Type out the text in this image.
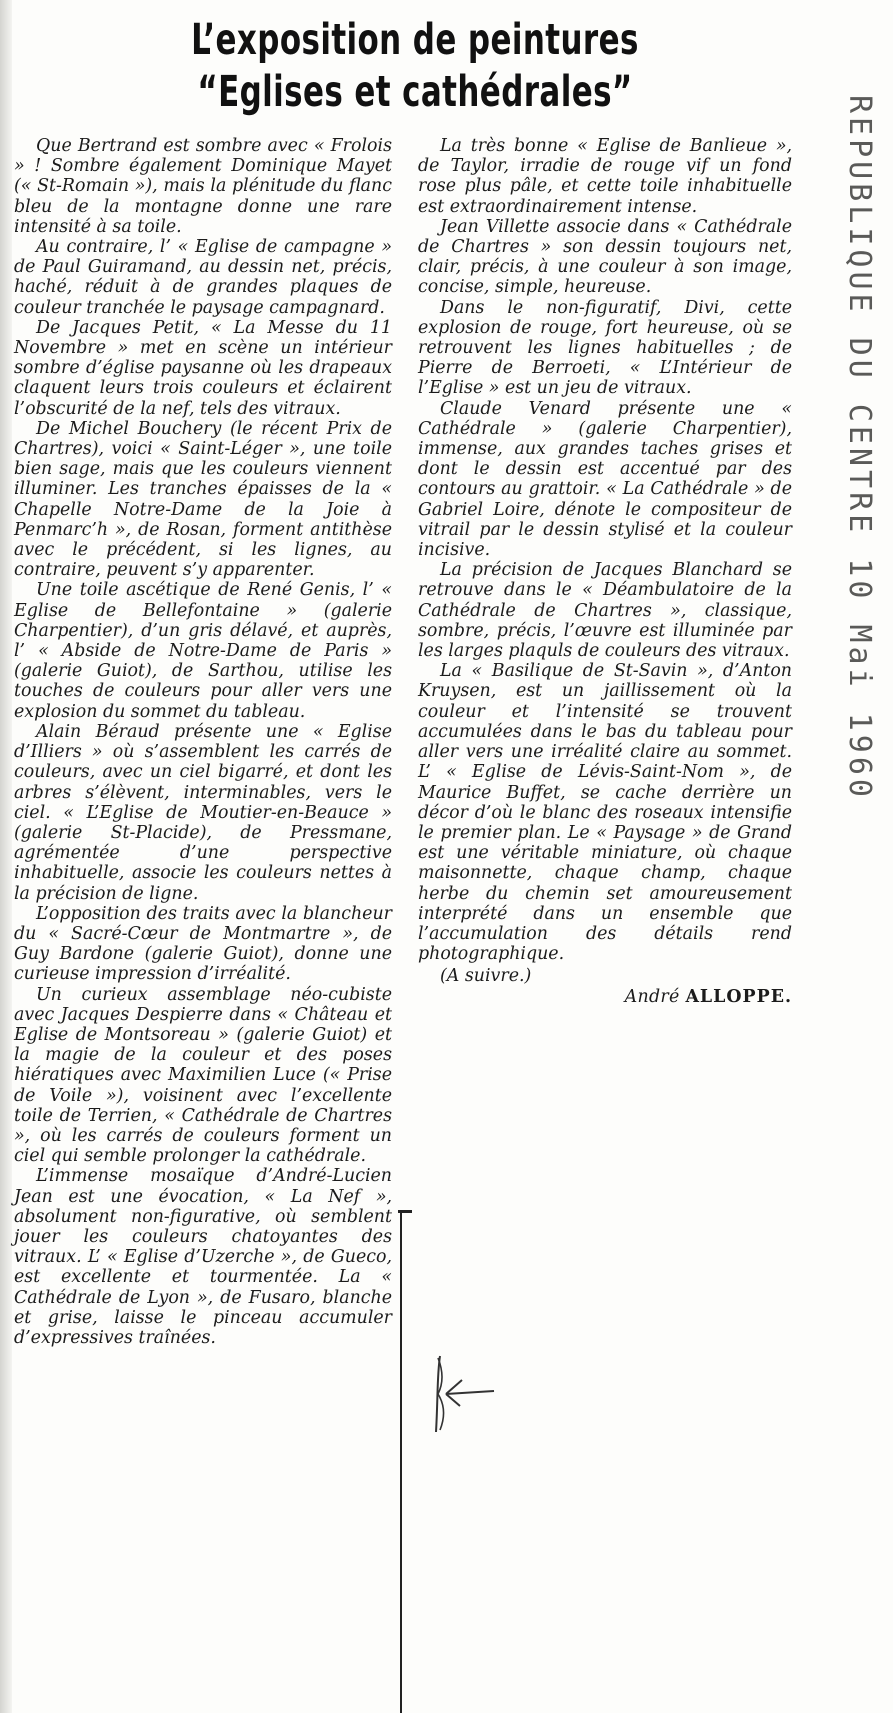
L’exposition de peintures
“Eglises et cathédrales”

Que Bertrand est sombre avec « Frolois » ! Sombre également Dominique Mayet (« St-Romain »), mais la plénitude du flanc bleu de la montagne donne une rare intensité à sa toile.

Au contraire, l’ « Eglise de campagne » de Paul Guiramand, au dessin net, précis, haché, réduit à de grandes plaques de couleur tranchée le paysage campagnard.

De Jacques Petit, « La Messe du 11 Novembre » met en scène un intérieur sombre d’église paysanne où les drapeaux claquent leurs trois couleurs et éclairent l’obscurité de la nef, tels des vitraux.

De Michel Bouchery (le récent Prix de Chartres), voici « Saint-Léger », une toile bien sage, mais que les couleurs viennent illuminer. Les tranches épaisses de la « Chapelle Notre-Dame de la Joie à Penmarc’h », de Rosan, forment antithèse avec le précédent, si les lignes, au contraire, peuvent s’y apparenter.

Une toile ascétique de René Genis, l’ « Eglise de Bellefontaine » (galerie Charpentier), d’un gris délavé, et auprès, l’ « Abside de Notre-Dame de Paris » (galerie Guiot), de Sarthou, utilise les touches de couleurs pour aller vers une explosion du sommet du tableau.

Alain Béraud présente une « Eglise d’Illiers » où s’assemblent les carrés de couleurs, avec un ciel bigarré, et dont les arbres s’élèvent, interminables, vers le ciel. « L’Eglise de Moutier-en-Beauce » (galerie St-Placide), de Pressmane, agrémentée d’une perspective inhabituelle, associe les couleurs nettes à la précision de ligne.

L’opposition des traits avec la blancheur du « Sacré-Cœur de Montmartre », de Guy Bardone (galerie Guiot), donne une curieuse impression d’irréalité.

Un curieux assemblage néo-cubiste avec Jacques Despierre dans « Château et Eglise de Montsoreau » (galerie Guiot) et la magie de la couleur et des poses hiératiques avec Maximilien Luce (« Prise de Voile »), voisinent avec l’excellente toile de Terrien, « Cathédrale de Chartres », où les carrés de couleurs forment un ciel qui semble prolonger la cathédrale.

L’immense mosaïque d’André-Lucien Jean est une évocation, « La Nef », absolument non-figurative, où semblent jouer les couleurs chatoyantes des vitraux. L’ « Eglise d’Uzerche », de Gueco, est excellente et tourmentée. La « Cathédrale de Lyon », de Fusaro, blanche et grise, laisse le pinceau accumuler d’expressives traînées.

La très bonne « Eglise de Banlieue », de Taylor, irradie de rouge vif un fond rose plus pâle, et cette toile inhabituelle est extraordinairement intense.

Jean Villette associe dans « Cathédrale de Chartres » son dessin toujours net, clair, précis, à une couleur à son image, concise, simple, heureuse.

Dans le non-figuratif, Divi, cette explosion de rouge, fort heureuse, où se retrouvent les lignes habituelles ; de Pierre de Berroeti, « L’Intérieur de l’Eglise » est un jeu de vitraux.

Claude Venard présente une « Cathédrale » (galerie Charpentier), immense, aux grandes taches grises et dont le dessin est accentué par des contours au grattoir. « La Cathédrale » de Gabriel Loire, dénote le compositeur de vitrail par le dessin stylisé et la couleur incisive.

La précision de Jacques Blanchard se retrouve dans le « Déambulatoire de la Cathédrale de Chartres », classique, sombre, précis, l’œuvre est illuminée par les larges plaquls de couleurs des vitraux.

La « Basilique de St-Savin », d’Anton Kruysen, est un jaillissement où la couleur et l’intensité se trouvent accumulées dans le bas du tableau pour aller vers une irréalité claire au sommet. L’ « Eglise de Lévis-Saint-Nom », de Maurice Buffet, se cache derrière un décor d’où le blanc des roseaux intensifie le premier plan. Le « Paysage » de Grand est une véritable miniature, où chaque maisonnette, chaque champ, chaque herbe du chemin set amoureusement interprété dans un ensemble que l’accumulation des détails rend photographique.

(A suivre.)

André ALLOPPE.

REPUBLIQUE DU CENTRE 10 Mai 1960
